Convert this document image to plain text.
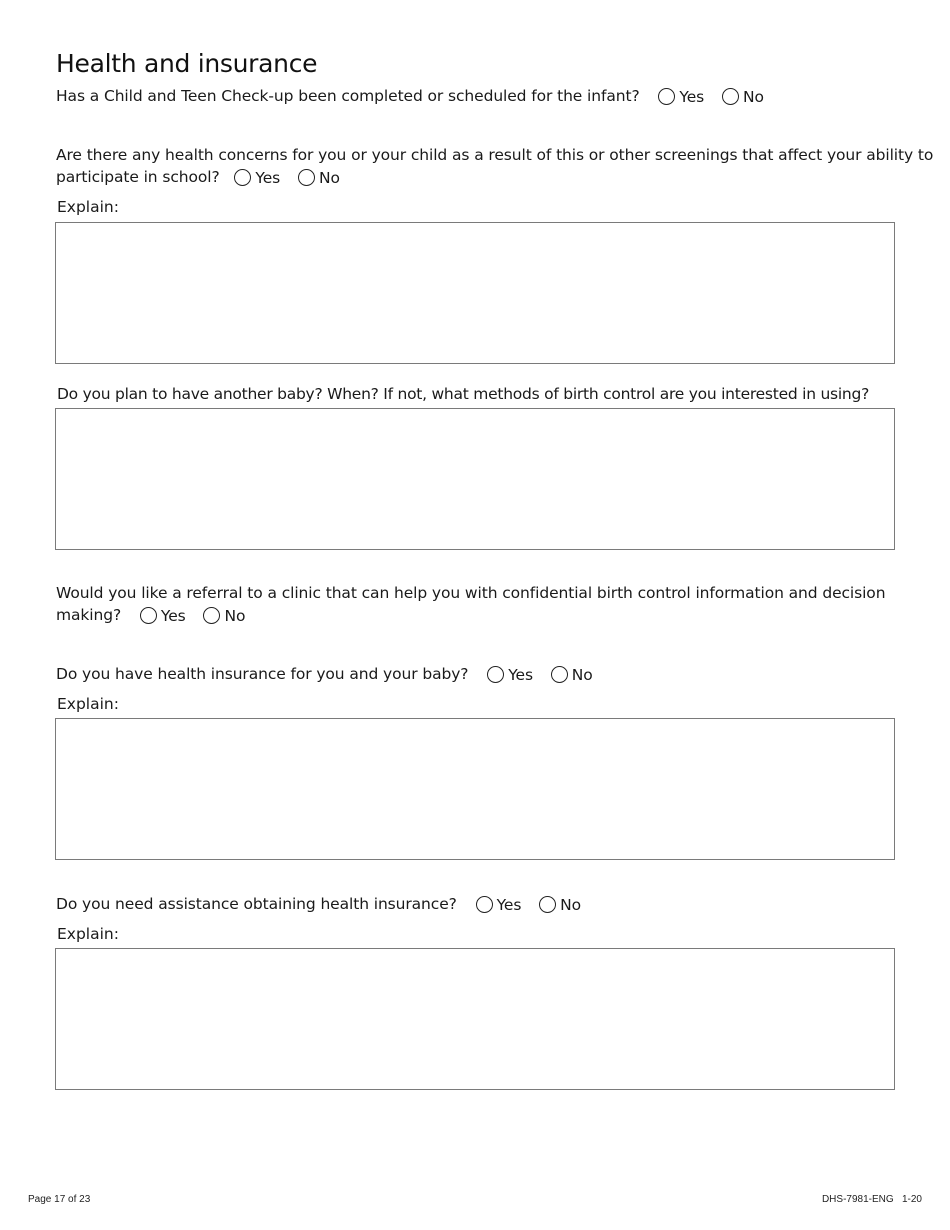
Health and insurance
Has a Child and Teen Check-up been completed or scheduled for the infant?	Yes
	No
Are there any health concerns for you or your child as a result of this or other screenings that affect your ability to
participate in school? Yes
	No
Explain:
Do you plan to have another baby? When? If not, what methods of birth control are you interested in using?
Would you like a referral to a clinic that can help you with confidential birth control information and decision
making?	Yes
	No
Do you have health insurance for you and your baby?	Yes
	No
Explain:
Do you need assistance obtaining health insurance?	Yes
	No
Explain:
Page 17 of 23	DHS-7981-ENG   1-20
